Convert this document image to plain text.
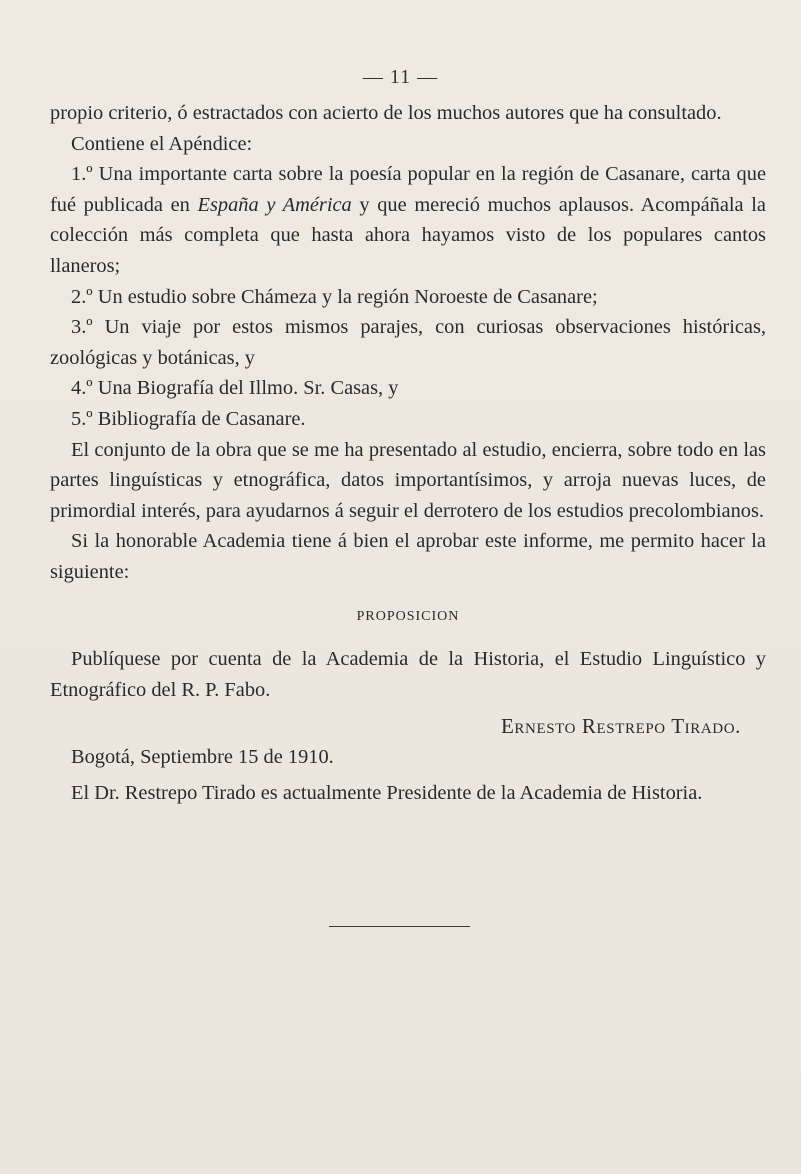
— 11 —

propio criterio, ó estractados con acierto de los muchos autores que ha consultado.

Contiene el Apéndice:

1.º Una importante carta sobre la poesía popular en la región de Casanare, carta que fué publicada en España y América y que mereció muchos aplausos. Acompáñala la colección más completa que hasta ahora hayamos visto de los populares cantos llaneros;

2.º Un estudio sobre Chámeza y la región Noroeste de Casanare;

3.º Un viaje por estos mismos parajes, con curiosas observaciones históricas, zoológicas y botánicas, y

4.º Una Biografía del Illmo. Sr. Casas, y

5.º Bibliografía de Casanare.

El conjunto de la obra que se me ha presentado al estudio, encierra, sobre todo en las partes linguísticas y etnográfica, datos importantísimos, y arroja nuevas luces, de primordial interés, para ayudarnos á seguir el derrotero de los estudios precolombianos.

Si la honorable Academia tiene á bien el aprobar este informe, me permito hacer la siguiente:

PROPOSICION

Publíquese por cuenta de la Academia de la Historia, el Estudio Linguístico y Etnográfico del R. P. Fabo.

Ernesto Restrepo Tirado.

Bogotá, Septiembre 15 de 1910.

El Dr. Restrepo Tirado es actualmente Presidente de la Academia de Historia.
